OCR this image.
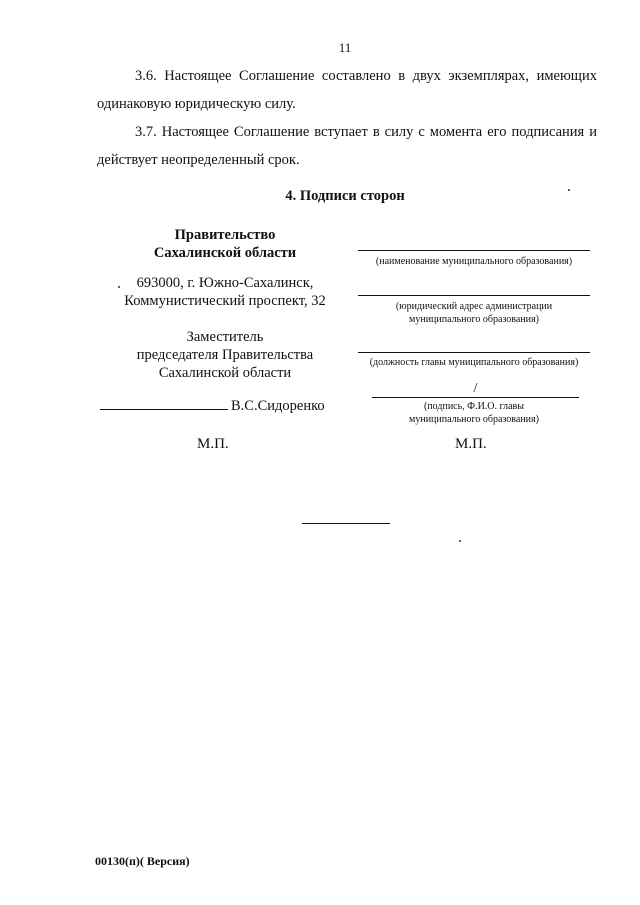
11

3.6. Настоящее Соглашение составлено в двух экземплярах, имеющих одинаковую юридическую силу.

3.7. Настоящее Соглашение вступает в силу с момента его подписания и действует неопределенный срок.

4. Подписи сторон
Правительство
Сахалинской области
693000, г. Южно-Сахалинск,
Коммунистический проспект, 32
Заместитель
председателя Правительства
Сахалинской области
В.С.Сидоренко
М.П.
(наименование муниципального образования)
(юридический адрес администрации
муниципального образования)
(должность главы муниципального образования)
/
(подпись, Ф.И.О. главы
муниципального образования)
М.П.
00130(п)( Версия)
